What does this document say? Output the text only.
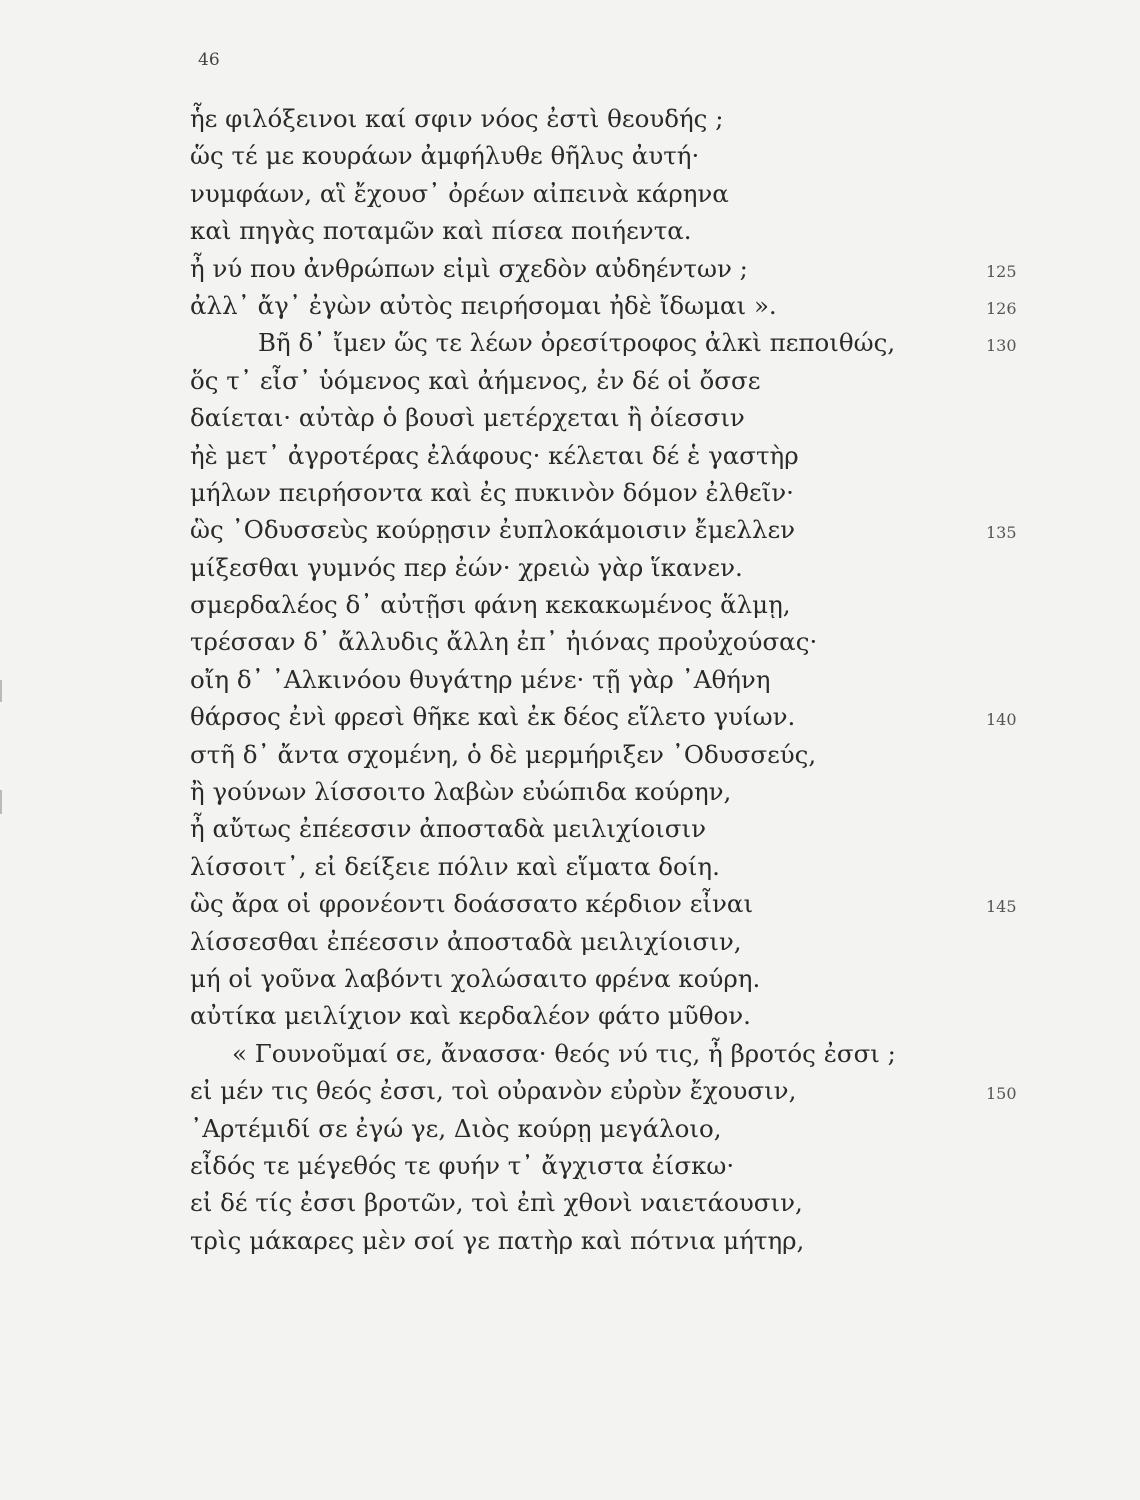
46
ἧε φιλόξεινοι καί σφιν νόος ἐστὶ θεουδής ;
ὥς τέ με κουράων ἀμφήλυθε θῆλυς ἀυτή·
νυμφάων, αἳ ἔχουσ᾽ ὀρέων αἰπεινὰ κάρηνα
καὶ πηγὰς ποταμῶν καὶ πίσεα ποιήεντα.
ἦ νύ που ἀνθρώπων εἰμὶ σχεδὸν αὐδηέντων ;	125
ἀλλ᾽ ἄγ᾽ ἐγὼν αὐτὸς πειρήσομαι ἠδὲ ἴδωμαι ».	126
Βῆ δ᾽ ἴμεν ὥς τε λέων ὀρεσίτροφος ἀλκὶ πεποιθώς,	130
ὅς τ᾽ εἶσ᾽ ὑόμενος καὶ ἀήμενος, ἐν δέ οἱ ὄσσε
δαίεται· αὐτὰρ ὁ βουσὶ μετέρχεται ἢ ὀίεσσιν
ἠὲ μετ᾽ ἀγροτέρας ἐλάφους· κέλεται δέ ἑ γαστὴρ
μήλων πειρήσοντα καὶ ἐς πυκινὸν δόμον ἐλθεῖν·
ὣς ᾽Οδυσσεὺς κούρῃσιν ἐυπλοκάμοισιν ἔμελλεν	135
μίξεσθαι γυμνός περ ἐών· χρειὼ γὰρ ἵκανεν.
σμερδαλέος δ᾽ αὐτῇσι φάνη κεκακωμένος ἅλμῃ,
τρέσσαν δ᾽ ἄλλυδις ἄλλη ἐπ᾽ ἠιόνας προὐχούσας·
οἴη δ᾽ ᾽Αλκινόου θυγάτηρ μένε· τῇ γὰρ ᾽Αθήνη
θάρσος ἐνὶ φρεσὶ θῆκε καὶ ἐκ δέος εἵλετο γυίων.	140
στῆ δ᾽ ἄντα σχομένη, ὁ δὲ μερμήριξεν ᾽Οδυσσεύς,
ἢ γούνων λίσσοιτο λαβὼν εὐώπιδα κούρην,
ἦ αὔτως ἐπέεσσιν ἀποσταδὰ μειλιχίοισιν
λίσσοιτ᾽, εἰ δείξειε πόλιν καὶ εἵματα δοίη.
ὣς ἄρα οἱ φρονέοντι δοάσσατο κέρδιον εἶναι	145
λίσσεσθαι ἐπέεσσιν ἀποσταδὰ μειλιχίοισιν,
μή οἱ γοῦνα λαβόντι χολώσαιτο φρένα κούρη.
αὐτίκα μειλίχιον καὶ κερδαλέον φάτο μῦθον.
« Γουνοῦμαί σε, ἄνασσα· θεός νύ τις, ἦ βροτός ἐσσι ;
εἰ μέν τις θεός ἐσσι, τοὶ οὐρανὸν εὐρὺν ἔχουσιν,	150
᾽Αρτέμιδί σε ἐγώ γε, Διὸς κούρῃ μεγάλοιο,
εἶδός τε μέγεθός τε φυήν τ᾽ ἄγχιστα ἐίσκω·
εἰ δέ τίς ἐσσι βροτῶν, τοὶ ἐπὶ χθονὶ ναιετάουσιν,
τρὶς μάκαρες μὲν σοί γε πατὴρ καὶ πότνια μήτηρ,
